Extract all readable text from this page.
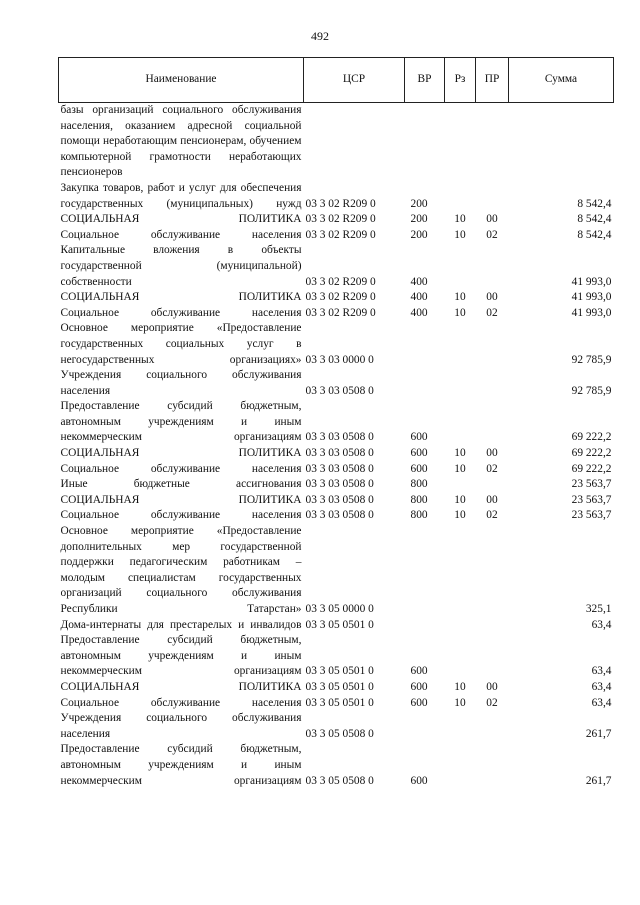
492
Наименование	ЦСР	ВР	Рз	ПР	Сумма
базы организаций социального обслуживания населения, оказанием адресной социальной помощи неработающим пенсионерам, обучением компьютерной грамотности неработающих пенсионеров					
Закупка товаров, работ и услуг для обеспечения государственных (муниципальных) нужд	03 3 02 R209 0	200			8 542,4
СОЦИАЛЬНАЯ ПОЛИТИКА	03 3 02 R209 0	200	10	00	8 542,4
Социальное обслуживание населения	03 3 02 R209 0	200	10	02	8 542,4
Капитальные вложения в объекты государственной (муниципальной) собственности	03 3 02 R209 0	400			41 993,0
СОЦИАЛЬНАЯ ПОЛИТИКА	03 3 02 R209 0	400	10	00	41 993,0
Социальное обслуживание населения	03 3 02 R209 0	400	10	02	41 993,0
Основное мероприятие «Предоставление государственных социальных услуг в негосударственных организациях»	03 3 03 0000 0				92 785,9
Учреждения социального обслуживания населения	03 3 03 0508 0				92 785,9
Предоставление субсидий бюджетным, автономным учреждениям и иным некоммерческим организациям	03 3 03 0508 0	600			69 222,2
СОЦИАЛЬНАЯ ПОЛИТИКА	03 3 03 0508 0	600	10	00	69 222,2
Социальное обслуживание населения	03 3 03 0508 0	600	10	02	69 222,2
Иные бюджетные ассигнования	03 3 03 0508 0	800			23 563,7
СОЦИАЛЬНАЯ ПОЛИТИКА	03 3 03 0508 0	800	10	00	23 563,7
Социальное обслуживание населения	03 3 03 0508 0	800	10	02	23 563,7
Основное мероприятие «Предоставление дополнительных мер государственной поддержки педагогическим работникам – молодым специалистам государственных организаций социального обслуживания Республики Татарстан»	03 3 05 0000 0				325,1
Дома-интернаты для престарелых и инвалидов	03 3 05 0501 0				63,4
Предоставление субсидий бюджетным, автономным учреждениям и иным некоммерческим организациям	03 3 05 0501 0	600			63,4
СОЦИАЛЬНАЯ ПОЛИТИКА	03 3 05 0501 0	600	10	00	63,4
Социальное обслуживание населения	03 3 05 0501 0	600	10	02	63,4
Учреждения социального обслуживания населения	03 3 05 0508 0				261,7
Предоставление субсидий бюджетным, автономным учреждениям и иным некоммерческим организациям	03 3 05 0508 0	600			261,7
